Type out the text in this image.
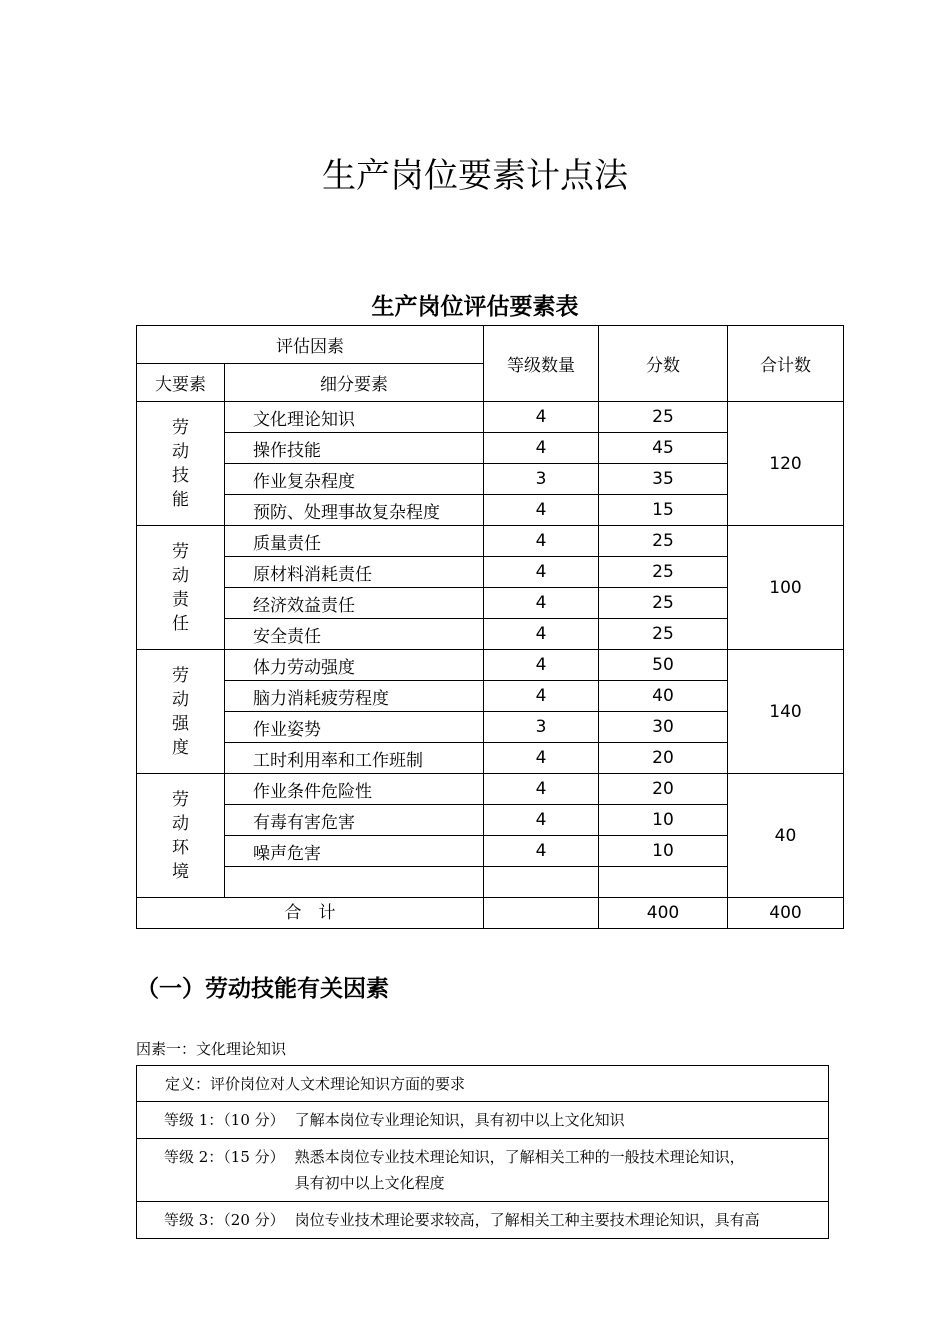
生产岗位要素计点法
生产岗位评估要素表
评估因素		等级数量	分数	合计数
大要素	细分要素			
劳动技能	文化理论知识	4	25	120
	操作技能	4	45	
	作业复杂程度	3	35	
	预防、处理事故复杂程度	4	15	
劳动责任	质量责任	4	25	100
	原材料消耗责任	4	25	
	经济效益责任	4	25	
	安全责任	4	25	
劳动强度	体力劳动强度	4	50	140
	脑力消耗疲劳程度	4	40	
	作业姿势	3	30	
	工时利用率和工作班制	4	20	
劳动环境	作业条件危险性	4	20	40
	有毒有害危害	4	10	
	噪声危害	4	10	

合　计			400	400
（一）劳动技能有关因素
因素一：文化理论知识
定义：评价岗位对人文术理论知识方面的要求

等级 1：（10 分） 了解本岗位专业理论知识，具有初中以上文化知识

等级 2：（15 分） 熟悉本岗位专业技术理论知识，了解相关工种的一般技术理论知识，具有初中以上文化程度

等级 3：（20 分） 岗位专业技术理论要求较高，了解相关工种主要技术理论知识，具有高
